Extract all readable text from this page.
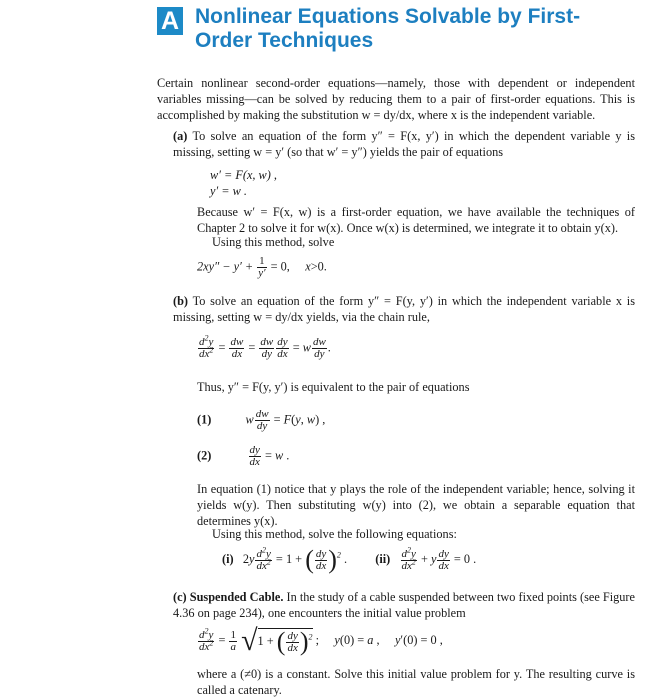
A Nonlinear Equations Solvable by First-Order Techniques
Certain nonlinear second-order equations—namely, those with dependent or independent variables missing—can be solved by reducing them to a pair of first-order equations. This is accomplished by making the substitution w = dy/dx, where x is the independent variable.
(a) To solve an equation of the form y″ = F(x, y′) in which the dependent variable y is missing, setting w = y′ (so that w′ = y″) yields the pair of equations
w′ = F(x, w) ,
y′ = w .
Because w′ = F(x, w) is a first-order equation, we have available the techniques of Chapter 2 to solve it for w(x). Once w(x) is determined, we integrate it to obtain y(x).
Using this method, solve
$2xy'' - y' + \frac{1}{y'} = 0$,     x>0.
(b) To solve an equation of the form y″ = F(y, y′) in which the independent variable x is missing, setting w = dy/dx yields, via the chain rule,
$\frac{d^2y}{dx^2} = \frac{dw}{dx} = \frac{dw}{dy} \frac{dy}{dx} = w \frac{dw}{dy}$ .
Thus, y″ = F(y, y′) is equivalent to the pair of equations
(1)	w $\frac{dw}{dy} = F(y$, w) ,
(2)	$\frac{dy}{dx} = w$ .
In equation (1) notice that y plays the role of the independent variable; hence, solving it yields w(y). Then substituting w(y) into (2), we obtain a separable equation that determines y(x).
Using this method, solve the following equations:
(i) $2y \frac{d^2y}{dx^2} = 1$ + ( $\frac{dy}{dx} )^2$ . $(ii) \frac{d^2y}{dx^2} + y \frac{dy}{dx} = 0$ .
(c) Suspended Cable. In the study of a cable suspended between two fixed points (see Figure 4.36 on page 234), one encounters the initial value problem
$\frac{d^2y}{dx^2} = \frac{1}{a} √1$ + ( $\frac{dy}{dx} )^2$ ;     y(0) = a ,     y′(0) = 0 ,
where a (≠0) is a constant. Solve this initial value problem for y. The resulting curve is called a catenary.
